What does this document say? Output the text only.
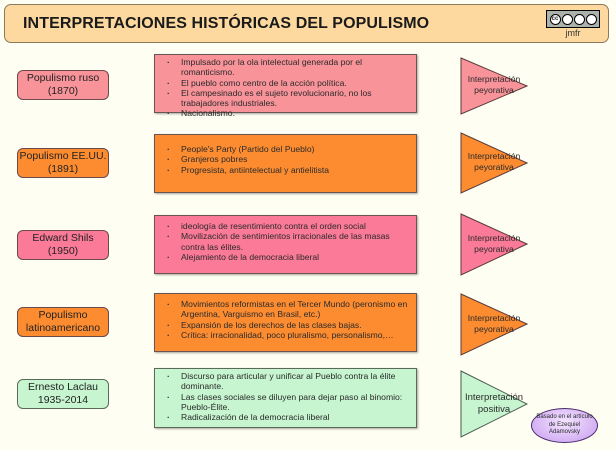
INTERPRETACIONES HISTÓRICAS DEL POPULISMO	cc
jmfr
Populismo ruso
(1870)
· Impulsado por la ola intelectual generada por el romanticismo.
· El pueblo como centro de la acción política.
· El campesinado es el sujeto revolucionario, no los trabajadores industriales.
· Nacionalismo.
Interpretación
peyorativa
Populismo EE.UU.
(1891)
· People's Party (Partido del Pueblo)
· Granjeros pobres
· Progresista, antiintelectual y antielitista
Interpretación
peyorativa
Edward Shils (1950)
· ideología de resentimiento contra el orden social
· Movilización de sentimientos irracionales de las masas contra las élites.
· Alejamiento de la democracia liberal
Interpretación
peyorativa
Populismo
latinoamericano
· Movimientos reformistas en el Tercer Mundo (peronismo en Argentina, Varguismo en Brasil, etc.)
· Expansión de los derechos de las clases bajas.
· Crítica: irracionalidad, poco pluralismo, personalismo,…
Interpretación
peyorativa
Ernesto Laclau
1935-2014
· Discurso para articular y unificar al Pueblo contra la élite dominante.
· Las clases sociales se diluyen para dejar paso al binomio: Pueblo-Élite.
· Radicalización de la democracia liberal
Interpretación
positiva
Basado en el artículo de Ezequiel Adamovsky
